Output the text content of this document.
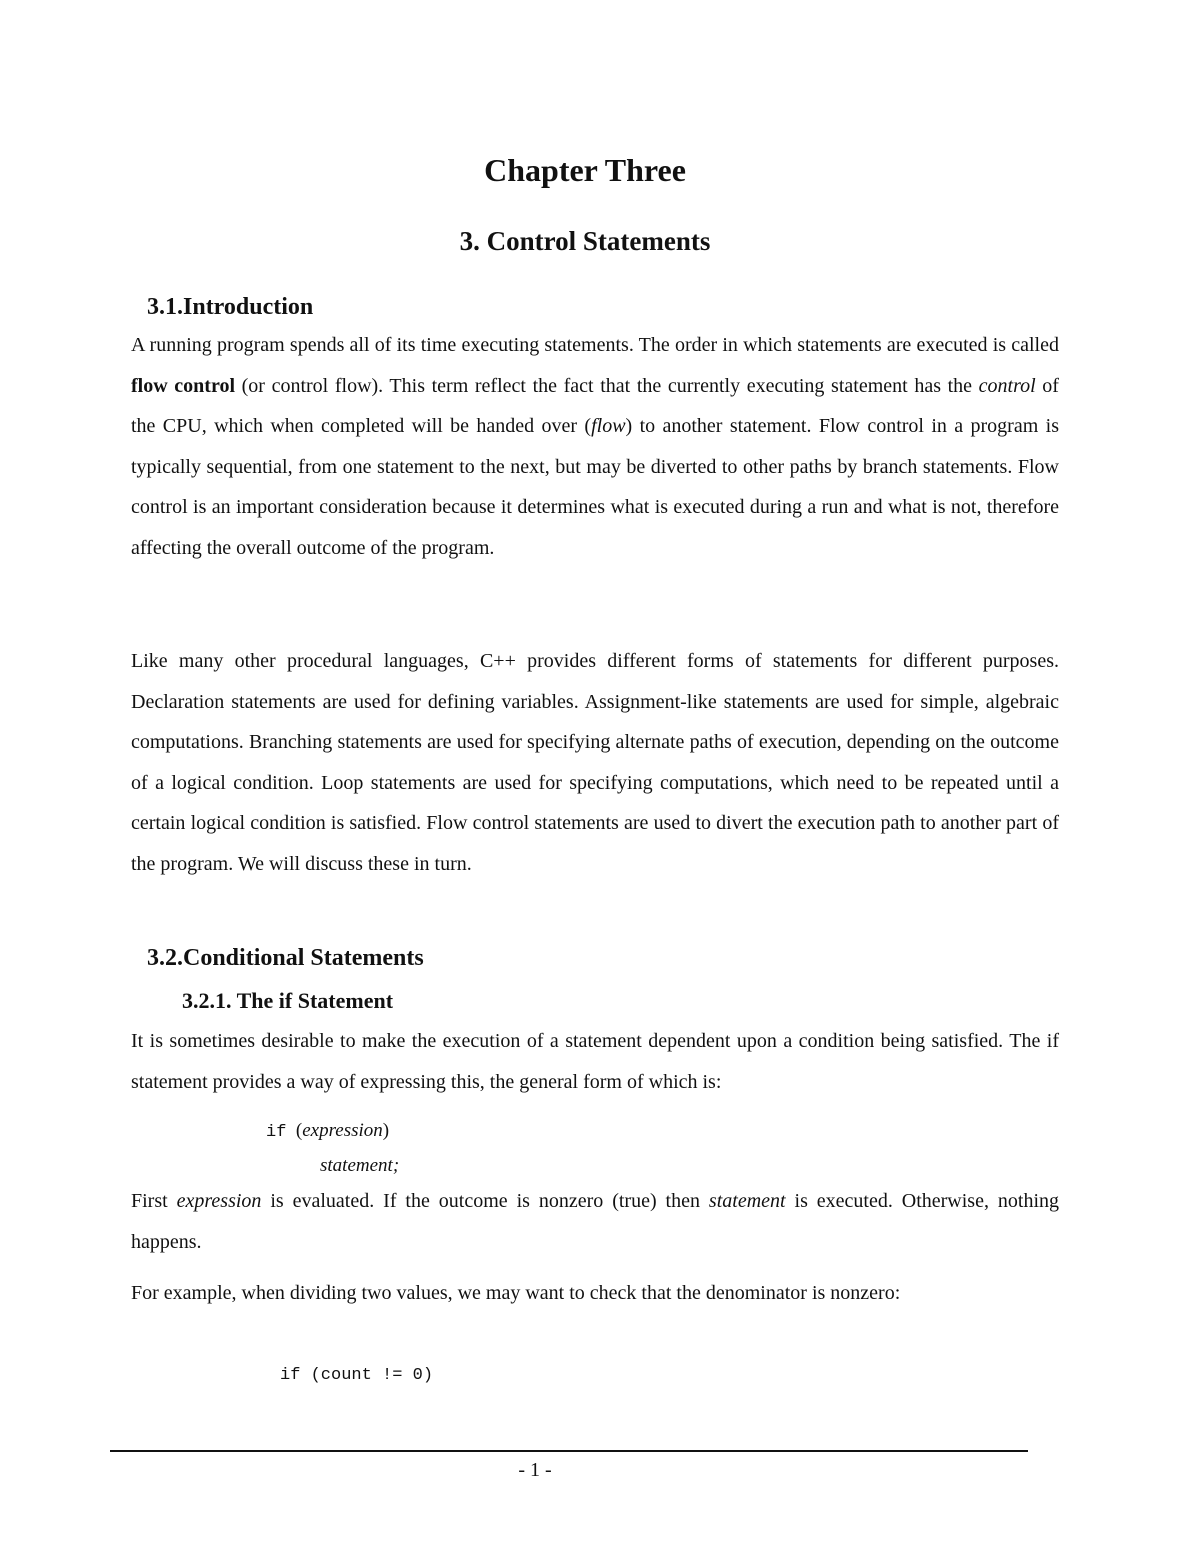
Chapter Three
3. Control Statements
3.1.Introduction

A running program spends all of its time executing statements. The order in which statements are executed is called flow control (or control flow). This term reflect the fact that the currently executing statement has the control of the CPU, which when completed will be handed over (flow) to another statement. Flow control in a program is typically sequential, from one statement to the next, but may be diverted to other paths by branch statements. Flow control is an important consideration because it determines what is executed during a run and what is not, therefore affecting the overall outcome of the program.

Like many other procedural languages, C++ provides different forms of statements for different purposes. Declaration statements are used for defining variables. Assignment-like statements are used for simple, algebraic computations. Branching statements are used for specifying alternate paths of execution, depending on the outcome of a logical condition. Loop statements are used for specifying computations, which need to be repeated until a certain logical condition is satisfied. Flow control statements are used to divert the execution path to another part of the program. We will discuss these in turn.

3.2.Conditional Statements
3.2.1. The if Statement

It is sometimes desirable to make the execution of a statement dependent upon a condition being satisfied. The if statement provides a way of expressing this, the general form of which is:

if (expression)
statement;

First expression is evaluated. If the outcome is nonzero (true) then statement is executed. Otherwise, nothing happens.

For example, when dividing two values, we may want to check that the denominator is nonzero:

if (count != 0)
- 1 -
